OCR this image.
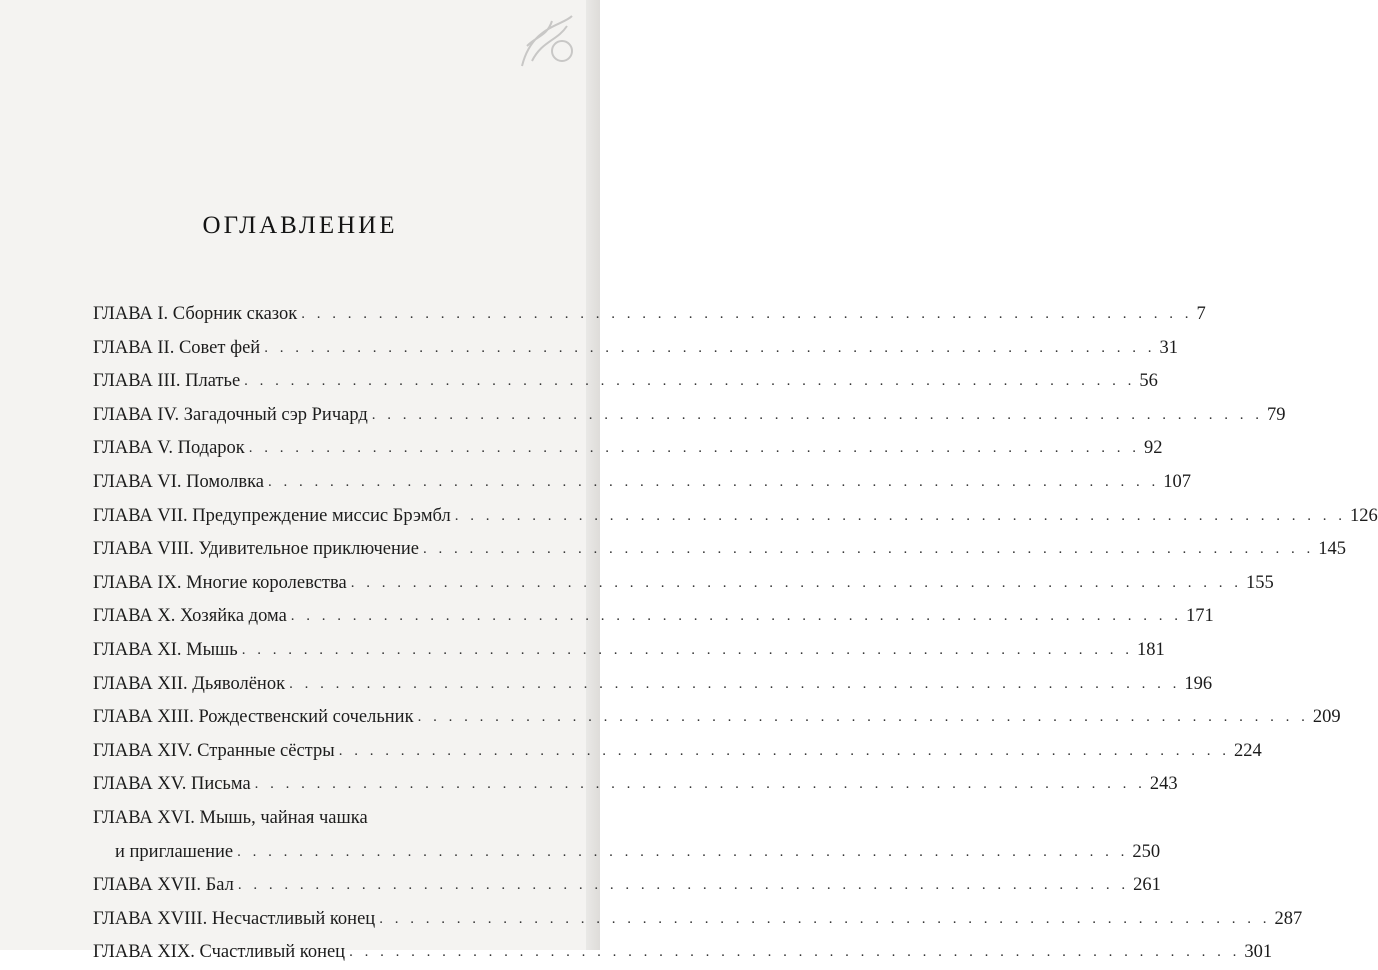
ОГЛАВЛЕНИЕ
ГЛАВА I. Сборник сказок . . .	7
ГЛАВА II. Совет фей . . .	31
ГЛАВА III. Платье . . .	56
ГЛАВА IV. Загадочный сэр Ричард . . .	79
ГЛАВА V. Подарок . . .	92
ГЛАВА VI. Помолвка . . .	107
ГЛАВА VII. Предупреждение миссис Брэмбл . . .	126
ГЛАВА VIII. Удивительное приключение . . .	145
ГЛАВА IX. Многие королевства . . .	155
ГЛАВА X. Хозяйка дома . . .	171
ГЛАВА XI. Мышь . . .	181
ГЛАВА XII. Дьяволёнок . . .	196
ГЛАВА XIII. Рождественский сочельник . . .	209
ГЛАВА XIV. Странные сёстры . . .	224
ГЛАВА XV. Письма . . .	243
ГЛАВА XVI. Мышь, чайная чашка
и приглашение . . .	250
ГЛАВА XVII. Бал . . .	261
ГЛАВА XVIII. Несчастливый конец . . .	287
ГЛАВА XIX. Счастливый конец . . .	301
